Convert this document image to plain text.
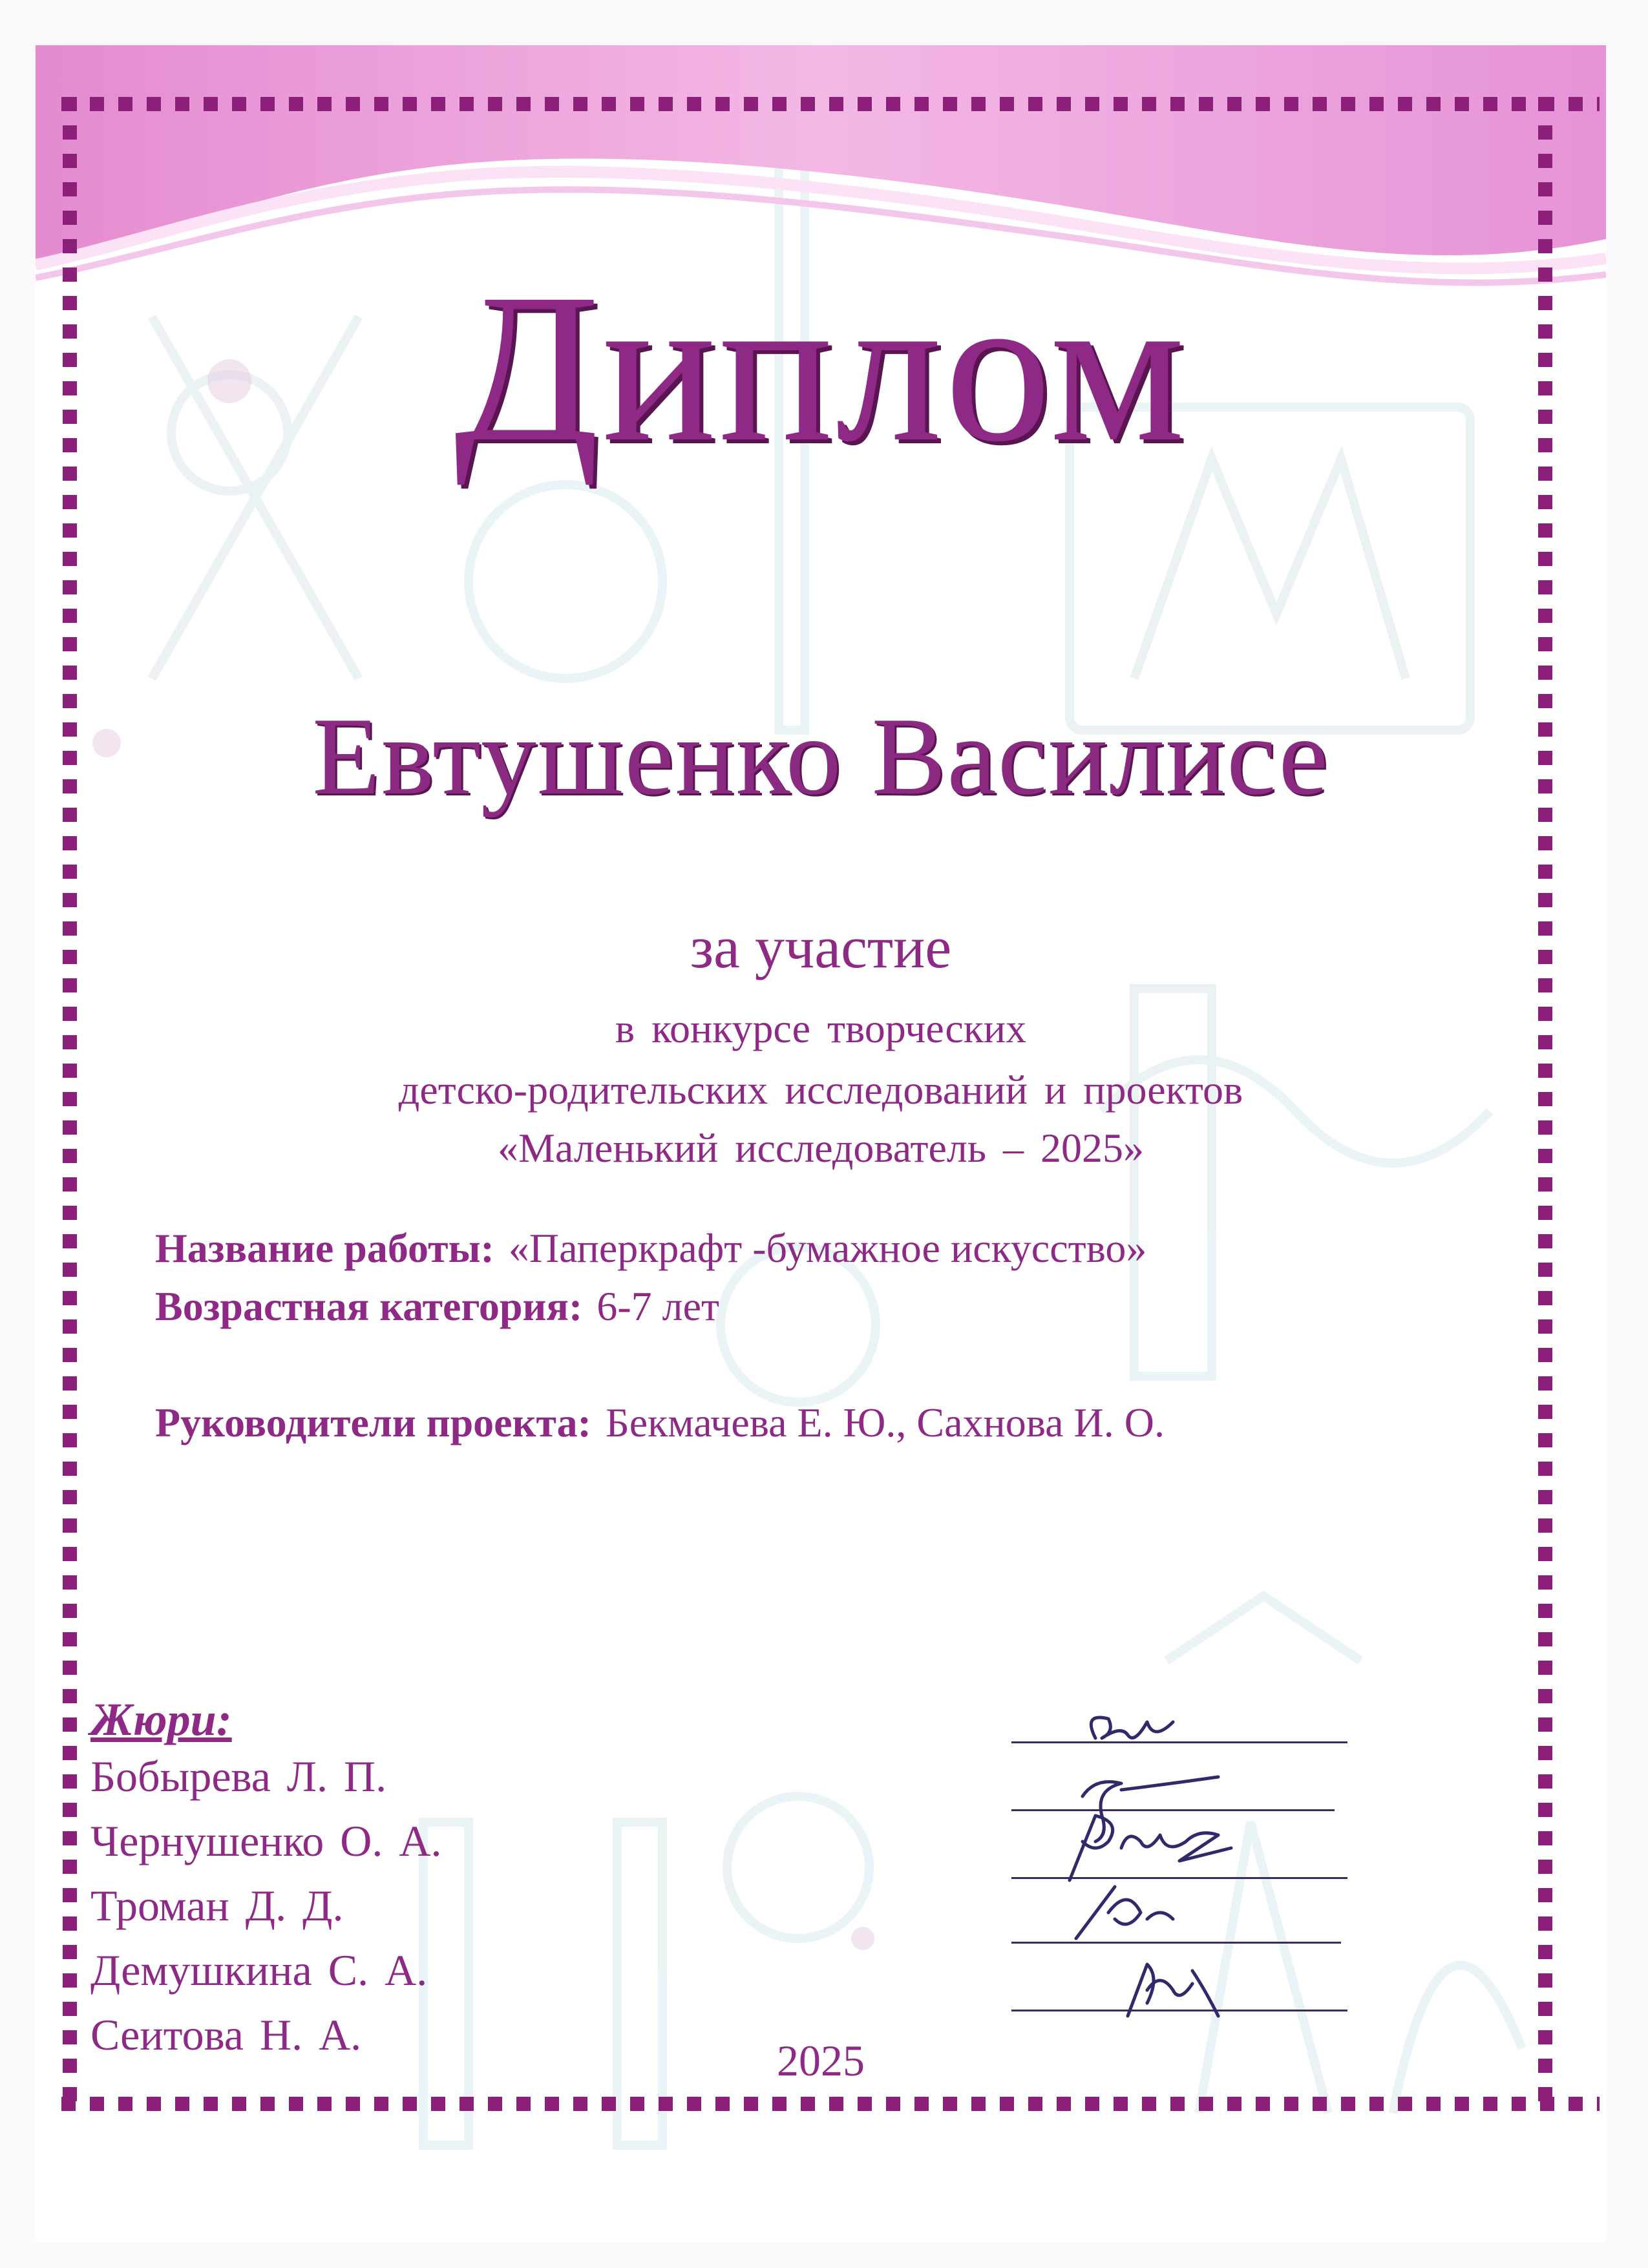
Диплом
Евтушенко Василисе
за участие
в конкурсе творческих
детско-родительских исследований и проектов
«Маленький исследователь – 2025»
Название работы: «Паперкрафт -бумажное искусство»
Возрастная категория: 6-7 лет
Руководители проекта: Бекмачева Е. Ю., Сахнова И. О.
Жюри:
Бобырева Л. П.
Чернушенко О. А.
Троман Д. Д.
Демушкина С. А.
Сеитова Н. А.
2025
